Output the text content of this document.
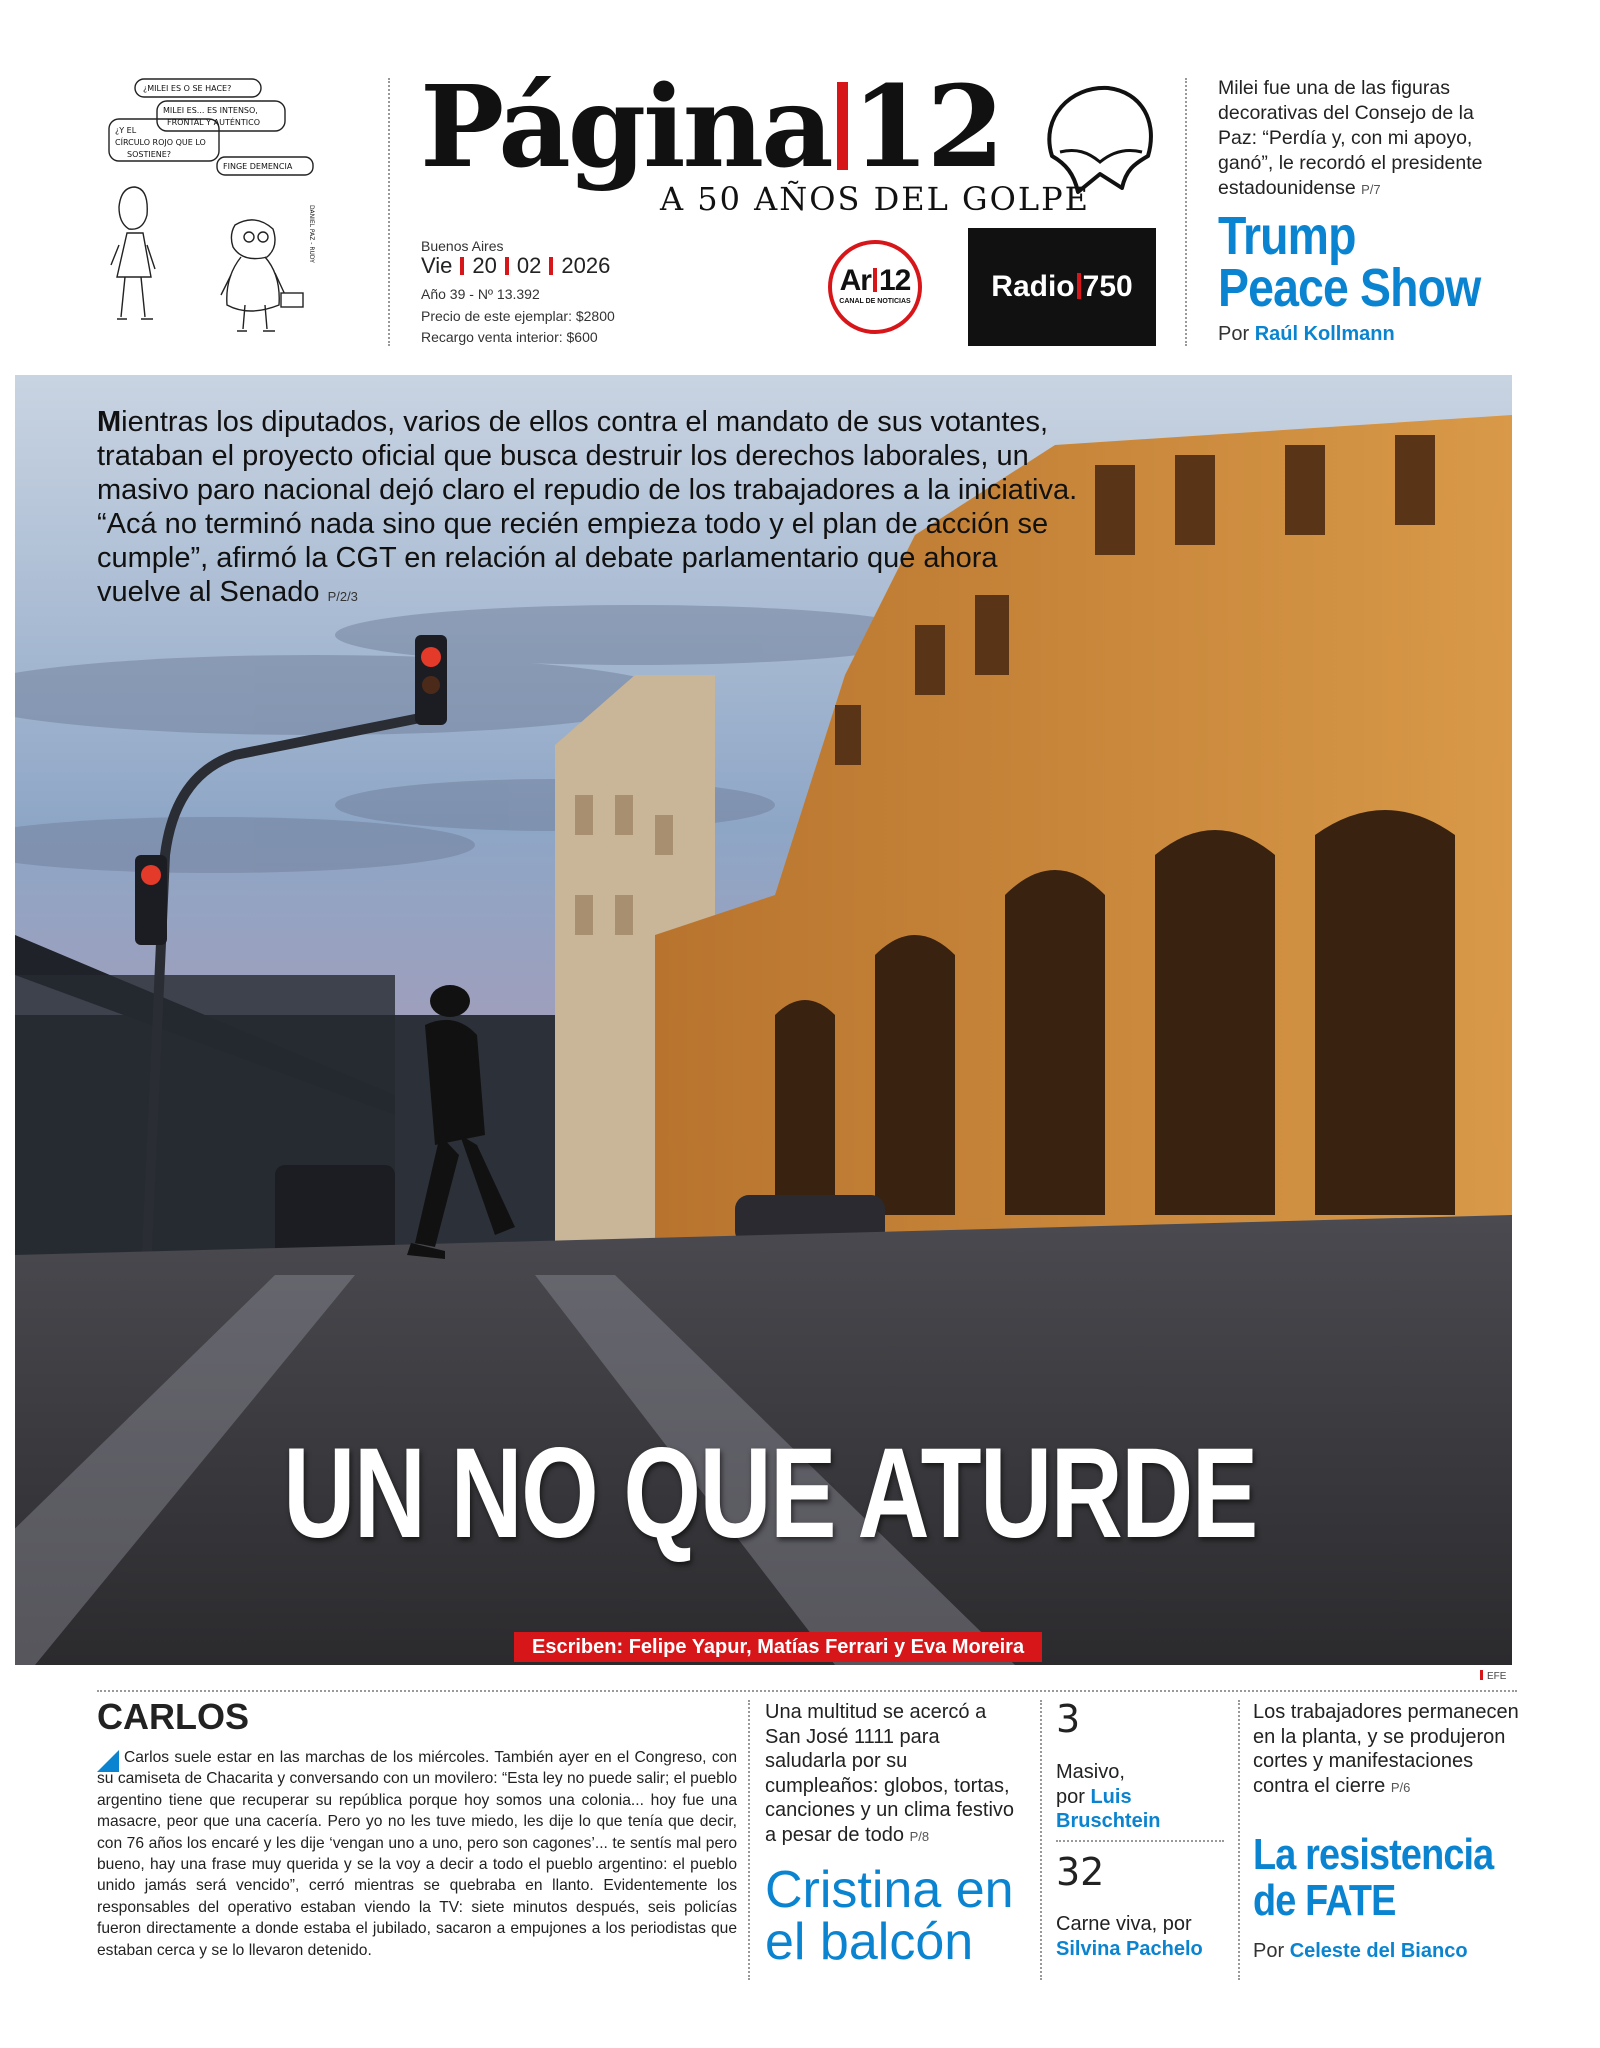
¿MILEI ES O SE HACE?
MILEI ES... ES INTENSO,
FRONTAL Y AUTÉNTICO
¿Y EL
CÍRCULO ROJO QUE LO
SOSTIENE?
FINGE DEMENCIA
DANIEL PAZ - RUDY
Página 12
A 50 AÑOS DEL GOLPE
Buenos Aires
Vie 20 02 2026
Año 39 - Nº 13.392
Precio de este ejemplar: $2800
Recargo venta interior: $600
Ar 12
CANAL DE NOTICIAS	Radio 750
Milei fue una de las figuras decorativas del Consejo de la Paz: “Perdía y, con mi apoyo, ganó”, le recordó el presidente estadounidense P/7
Trump
Peace Show
Por Raúl Kollmann
Mientras los diputados, varios de ellos contra el mandato de sus votantes, trataban el proyecto oficial que busca destruir los derechos laborales, un masivo paro nacional dejó claro el repudio de los trabajadores a la iniciativa. “Acá no terminó nada sino que recién empieza todo y el plan de acción se cumple”, afirmó la CGT en relación al debate parlamentario que ahora vuelve al Senado P/2/3
UN NO QUE ATURDE
Escriben: Felipe Yapur, Matías Ferrari y Eva Moreira
EFE
CARLOS
Carlos suele estar en las marchas de los miércoles. También ayer en el Congreso, con su camiseta de Chacarita y conversando con un movilero: “Esta ley no puede salir; el pueblo argentino tiene que recuperar su república porque hoy somos una colonia... hoy fue una masacre, peor que una cacería. Pero yo no les tuve miedo, les dije lo que tenía que decir, con 76 años los encaré y les dije ‘vengan uno a uno, pero son cagones’... te sentís mal pero bueno, hay una frase muy querida y se la voy a decir a todo el pueblo argentino: el pueblo unido jamás será vencido”, cerró mientras se quebraba en llanto. Evidentemente los responsables del operativo estaban viendo la TV: siete minutos después, seis policías fueron directamente a donde estaba el jubilado, sacaron a empujones a los periodistas que estaban cerca y se lo llevaron detenido.
Una multitud se acercó a San José 1111 para saludarla por su cumpleaños: globos, tortas, canciones y un clima festivo a pesar de todo P/8
Cristina en
el balcón
3
Masivo,
por Luis
Bruschtein
32
Carne viva, por
Silvina Pachelo
Los trabajadores permanecen en la planta, y se produjeron cortes y manifestaciones contra el cierre P/6
La resistencia
de FATE
Por Celeste del Bianco
